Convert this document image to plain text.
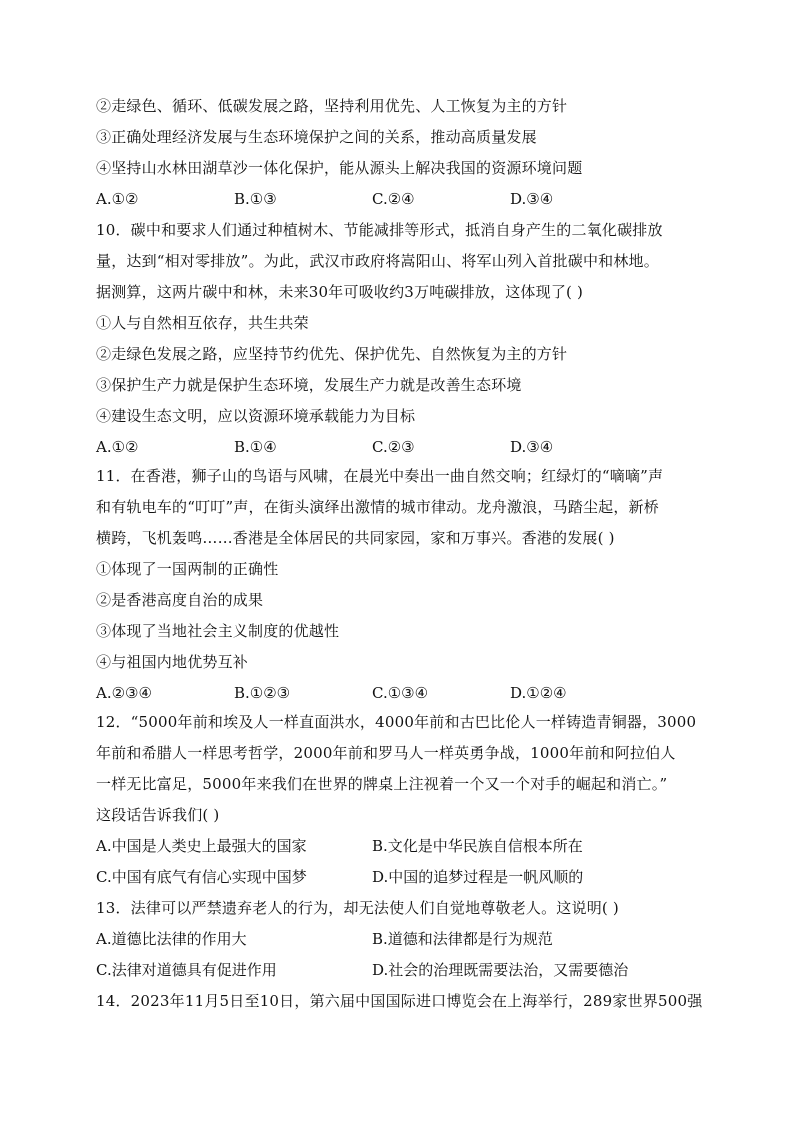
②走绿色、循环、低碳发展之路，坚持利用优先、人工恢复为主的方针
③正确处理经济发展与生态环境保护之间的关系，推动高质量发展
④坚持山水林田湖草沙一体化保护，能从源头上解决我国的资源环境问题
A.①②	B.①③	C.②④	D.③④
10．碳中和要求人们通过种植树木、节能减排等形式，抵消自身产生的二氧化碳排放
量，达到“相对零排放”。为此，武汉市政府将嵩阳山、将军山列入首批碳中和林地。
据测算，这两片碳中和林，未来30年可吸收约3万吨碳排放，这体现了( )
①人与自然相互依存，共生共荣
②走绿色发展之路，应坚持节约优先、保护优先、自然恢复为主的方针
③保护生产力就是保护生态环境，发展生产力就是改善生态环境
④建设生态文明，应以资源环境承载能力为目标
A.①②	B.①④	C.②③	D.③④
11．在香港，狮子山的鸟语与风啸，在晨光中奏出一曲自然交响；红绿灯的“嘀嘀”声
和有轨电车的“叮叮”声，在街头演绎出激情的城市律动。龙舟激浪，马踏尘起，新桥
横跨，飞机轰鸣……香港是全体居民的共同家园，家和万事兴。香港的发展( )
①体现了一国两制的正确性
②是香港高度自治的成果
③体现了当地社会主义制度的优越性
④与祖国内地优势互补
A.②③④	B.①②③	C.①③④	D.①②④
12．“5000年前和埃及人一样直面洪水，4000年前和古巴比伦人一样铸造青铜器，3000
年前和希腊人一样思考哲学，2000年前和罗马人一样英勇争战，1000年前和阿拉伯人
一样无比富足，5000年来我们在世界的牌桌上注视着一个又一个对手的崛起和消亡。”
这段话告诉我们( )
A.中国是人类史上最强大的国家	B.文化是中华民族自信根本所在
C.中国有底气有信心实现中国梦	D.中国的追梦过程是一帆风顺的
13．法律可以严禁遗弃老人的行为，却无法使人们自觉地尊敬老人。这说明( )
A.道德比法律的作用大	B.道德和法律都是行为规范
C.法律对道德具有促进作用	D.社会的治理既需要法治，又需要德治
14．2023年11月5日至10日，第六届中国国际进口博览会在上海举行，289家世界500强
